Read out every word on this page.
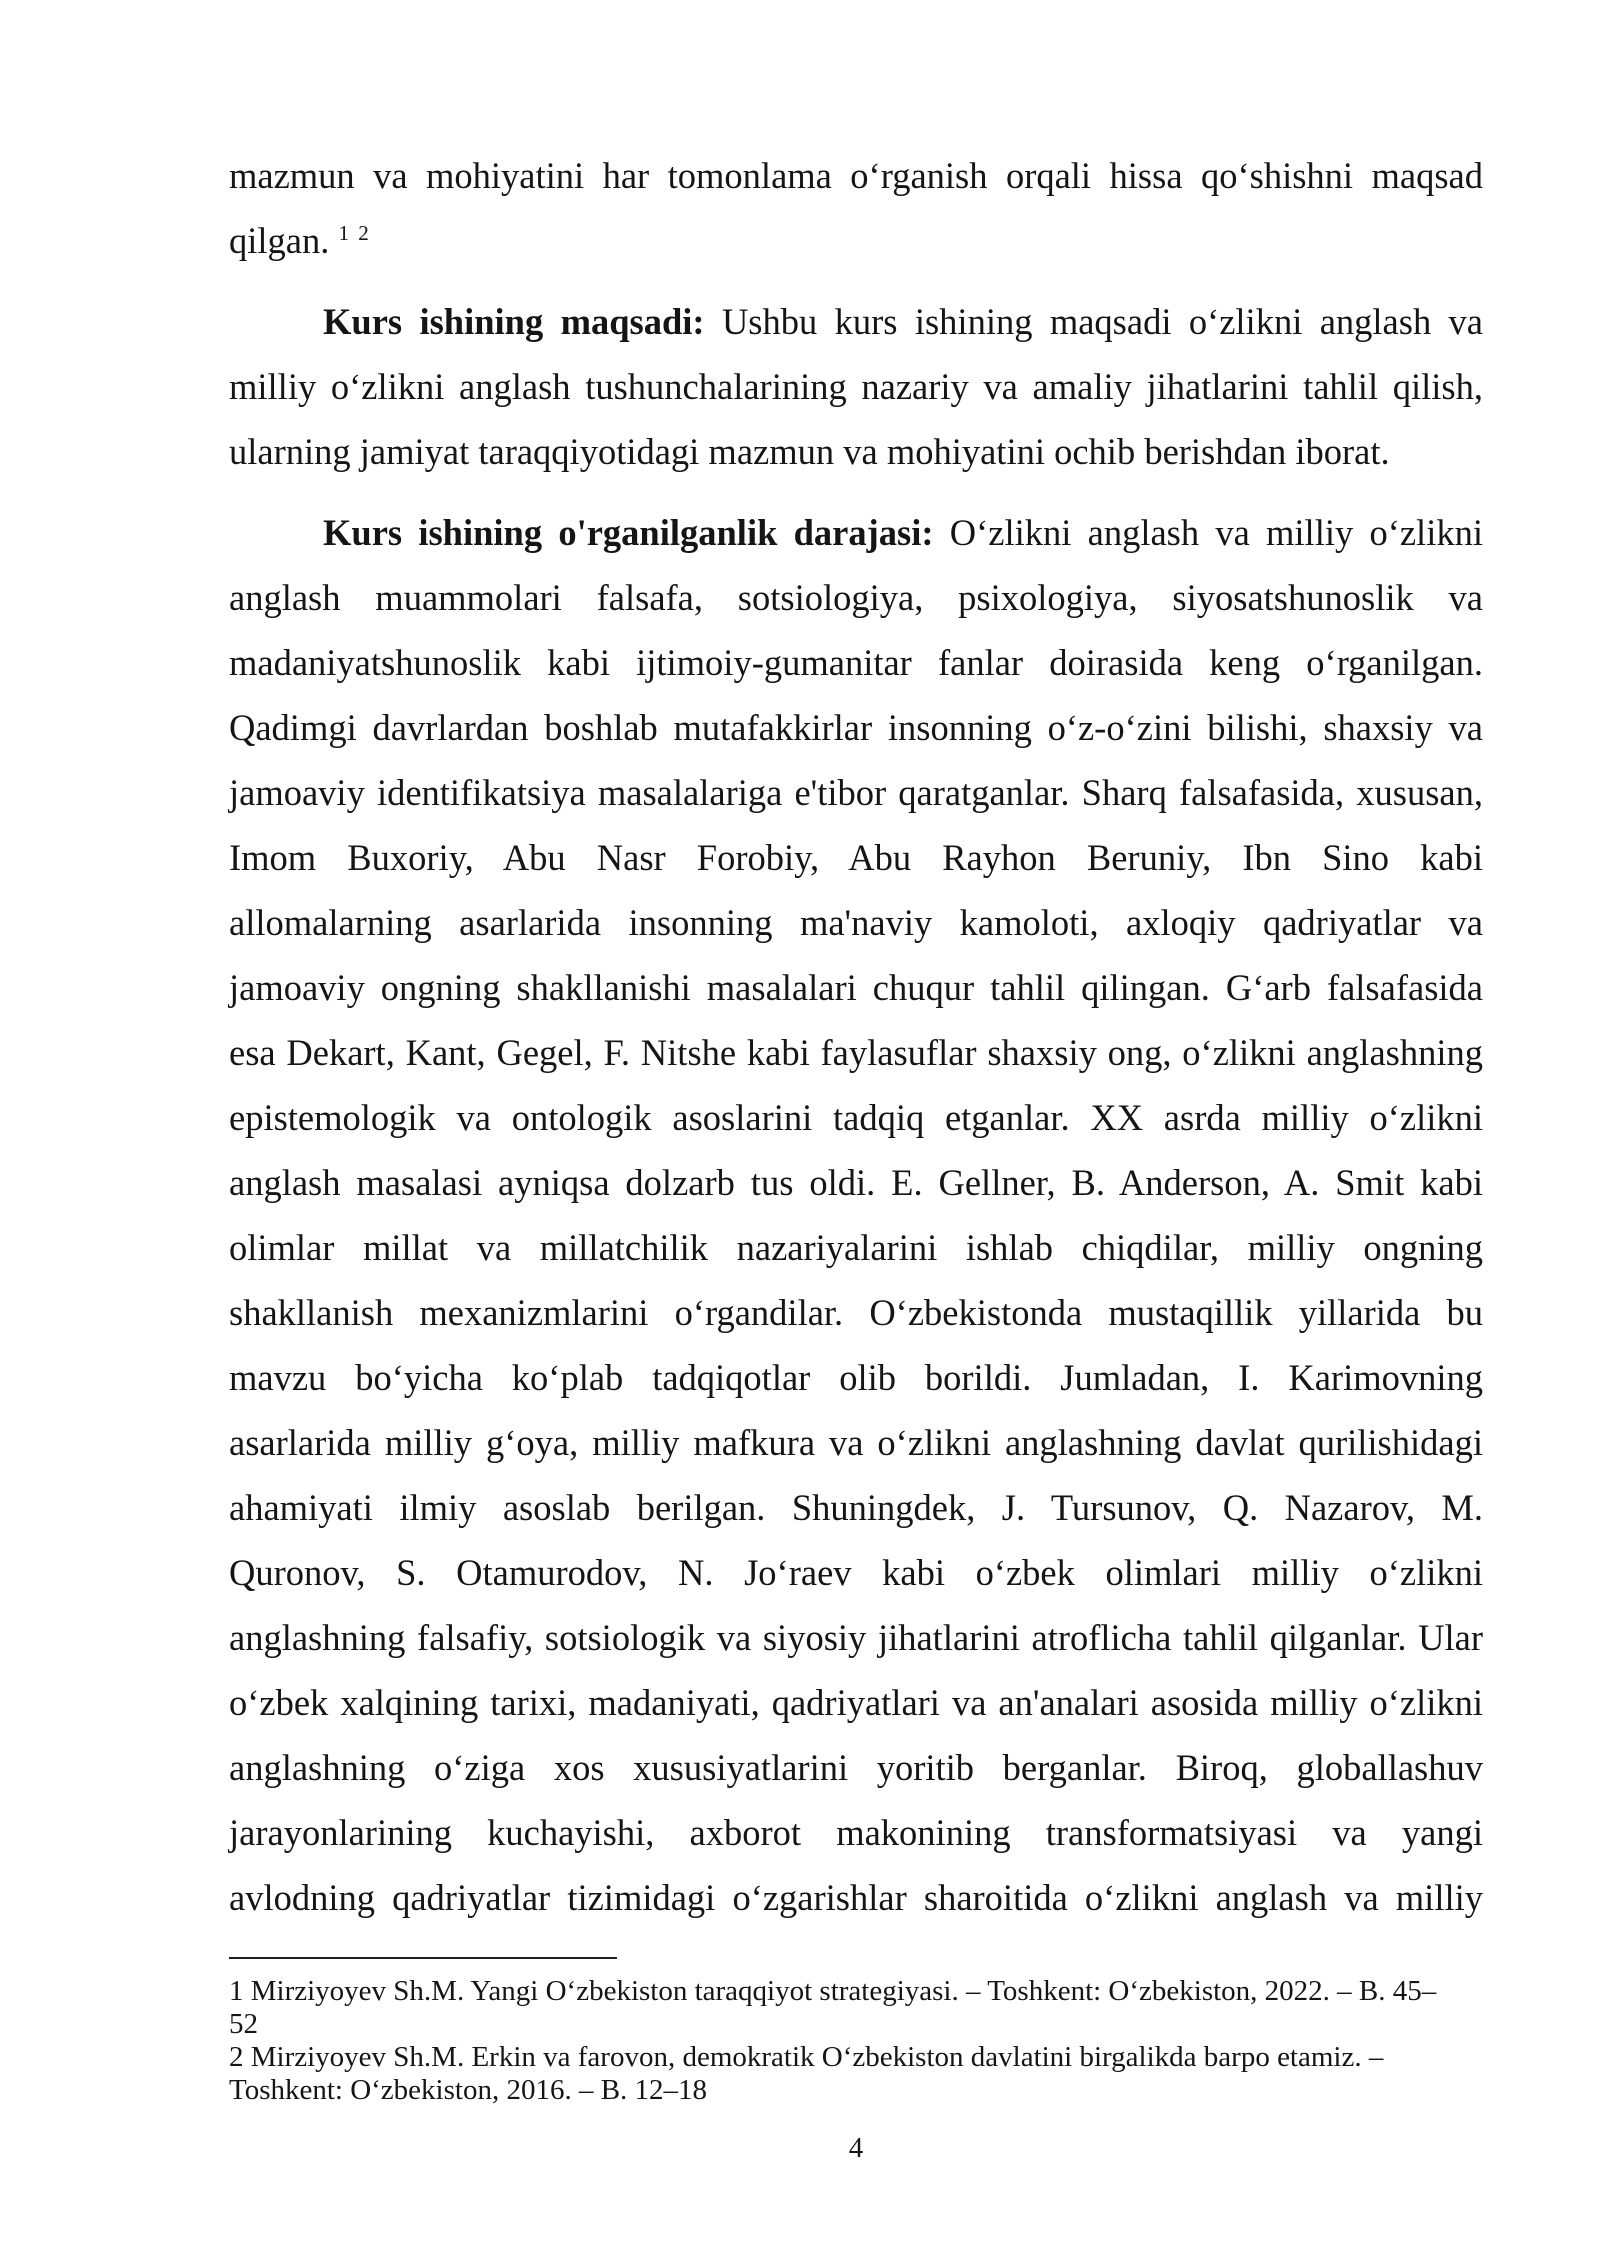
mazmun va mohiyatini har tomonlama o‘rganish orqali hissa qo‘shishni maqsad
qilgan. $^1$ $^2$
Kurs ishining maqsadi: Ushbu kurs ishining maqsadi o‘zlikni anglash va
milliy o‘zlikni anglash tushunchalarining nazariy va amaliy jihatlarini tahlil qilish,
ularning jamiyat taraqqiyotidagi mazmun va mohiyatini ochib berishdan iborat.
Kurs ishining o'rganilganlik darajasi: O‘zlikni anglash va milliy o‘zlikni
anglash muammolari falsafa, sotsiologiya, psixologiya, siyosatshunoslik va
madaniyatshunoslik kabi ijtimoiy-gumanitar fanlar doirasida keng o‘rganilgan.
Qadimgi davrlardan boshlab mutafakkirlar insonning o‘z-o‘zini bilishi, shaxsiy va
jamoaviy identifikatsiya masalalariga e'tibor qaratganlar. Sharq falsafasida, xususan,
Imom Buxoriy, Abu Nasr Forobiy, Abu Rayhon Beruniy, Ibn Sino kabi
allomalarning asarlarida insonning ma'naviy kamoloti, axloqiy qadriyatlar va
jamoaviy ongning shakllanishi masalalari chuqur tahlil qilingan. G‘arb falsafasida
esa Dekart, Kant, Gegel, F. Nitshe kabi faylasuflar shaxsiy ong, o‘zlikni anglashning
epistemologik va ontologik asoslarini tadqiq etganlar. XX asrda milliy o‘zlikni
anglash masalasi ayniqsa dolzarb tus oldi. E. Gellner, B. Anderson, A. Smit kabi
olimlar millat va millatchilik nazariyalarini ishlab chiqdilar, milliy ongning
shakllanish mexanizmlarini o‘rgandilar. O‘zbekistonda mustaqillik yillarida bu
mavzu bo‘yicha ko‘plab tadqiqotlar olib borildi. Jumladan, I. Karimovning
asarlarida milliy g‘oya, milliy mafkura va o‘zlikni anglashning davlat qurilishidagi
ahamiyati ilmiy asoslab berilgan. Shuningdek, J. Tursunov, Q. Nazarov, M.
Quronov, S. Otamurodov, N. Jo‘raev kabi o‘zbek olimlari milliy o‘zlikni
anglashning falsafiy, sotsiologik va siyosiy jihatlarini atroflicha tahlil qilganlar. Ular
o‘zbek xalqining tarixi, madaniyati, qadriyatlari va an'analari asosida milliy o‘zlikni
anglashning o‘ziga xos xususiyatlarini yoritib berganlar. Biroq, globallashuv
jarayonlarining kuchayishi, axborot makonining transformatsiyasi va yangi
avlodning qadriyatlar tizimidagi o‘zgarishlar sharoitida o‘zlikni anglash va milliy
1 Mirziyoyev Sh.M. Yangi O‘zbekiston taraqqiyot strategiyasi. – Toshkent: O‘zbekiston, 2022. – B. 45–
52
2 Mirziyoyev Sh.M. Erkin va farovon, demokratik O‘zbekiston davlatini birgalikda barpo etamiz. –
Toshkent: O‘zbekiston, 2016. – B. 12–18
4
